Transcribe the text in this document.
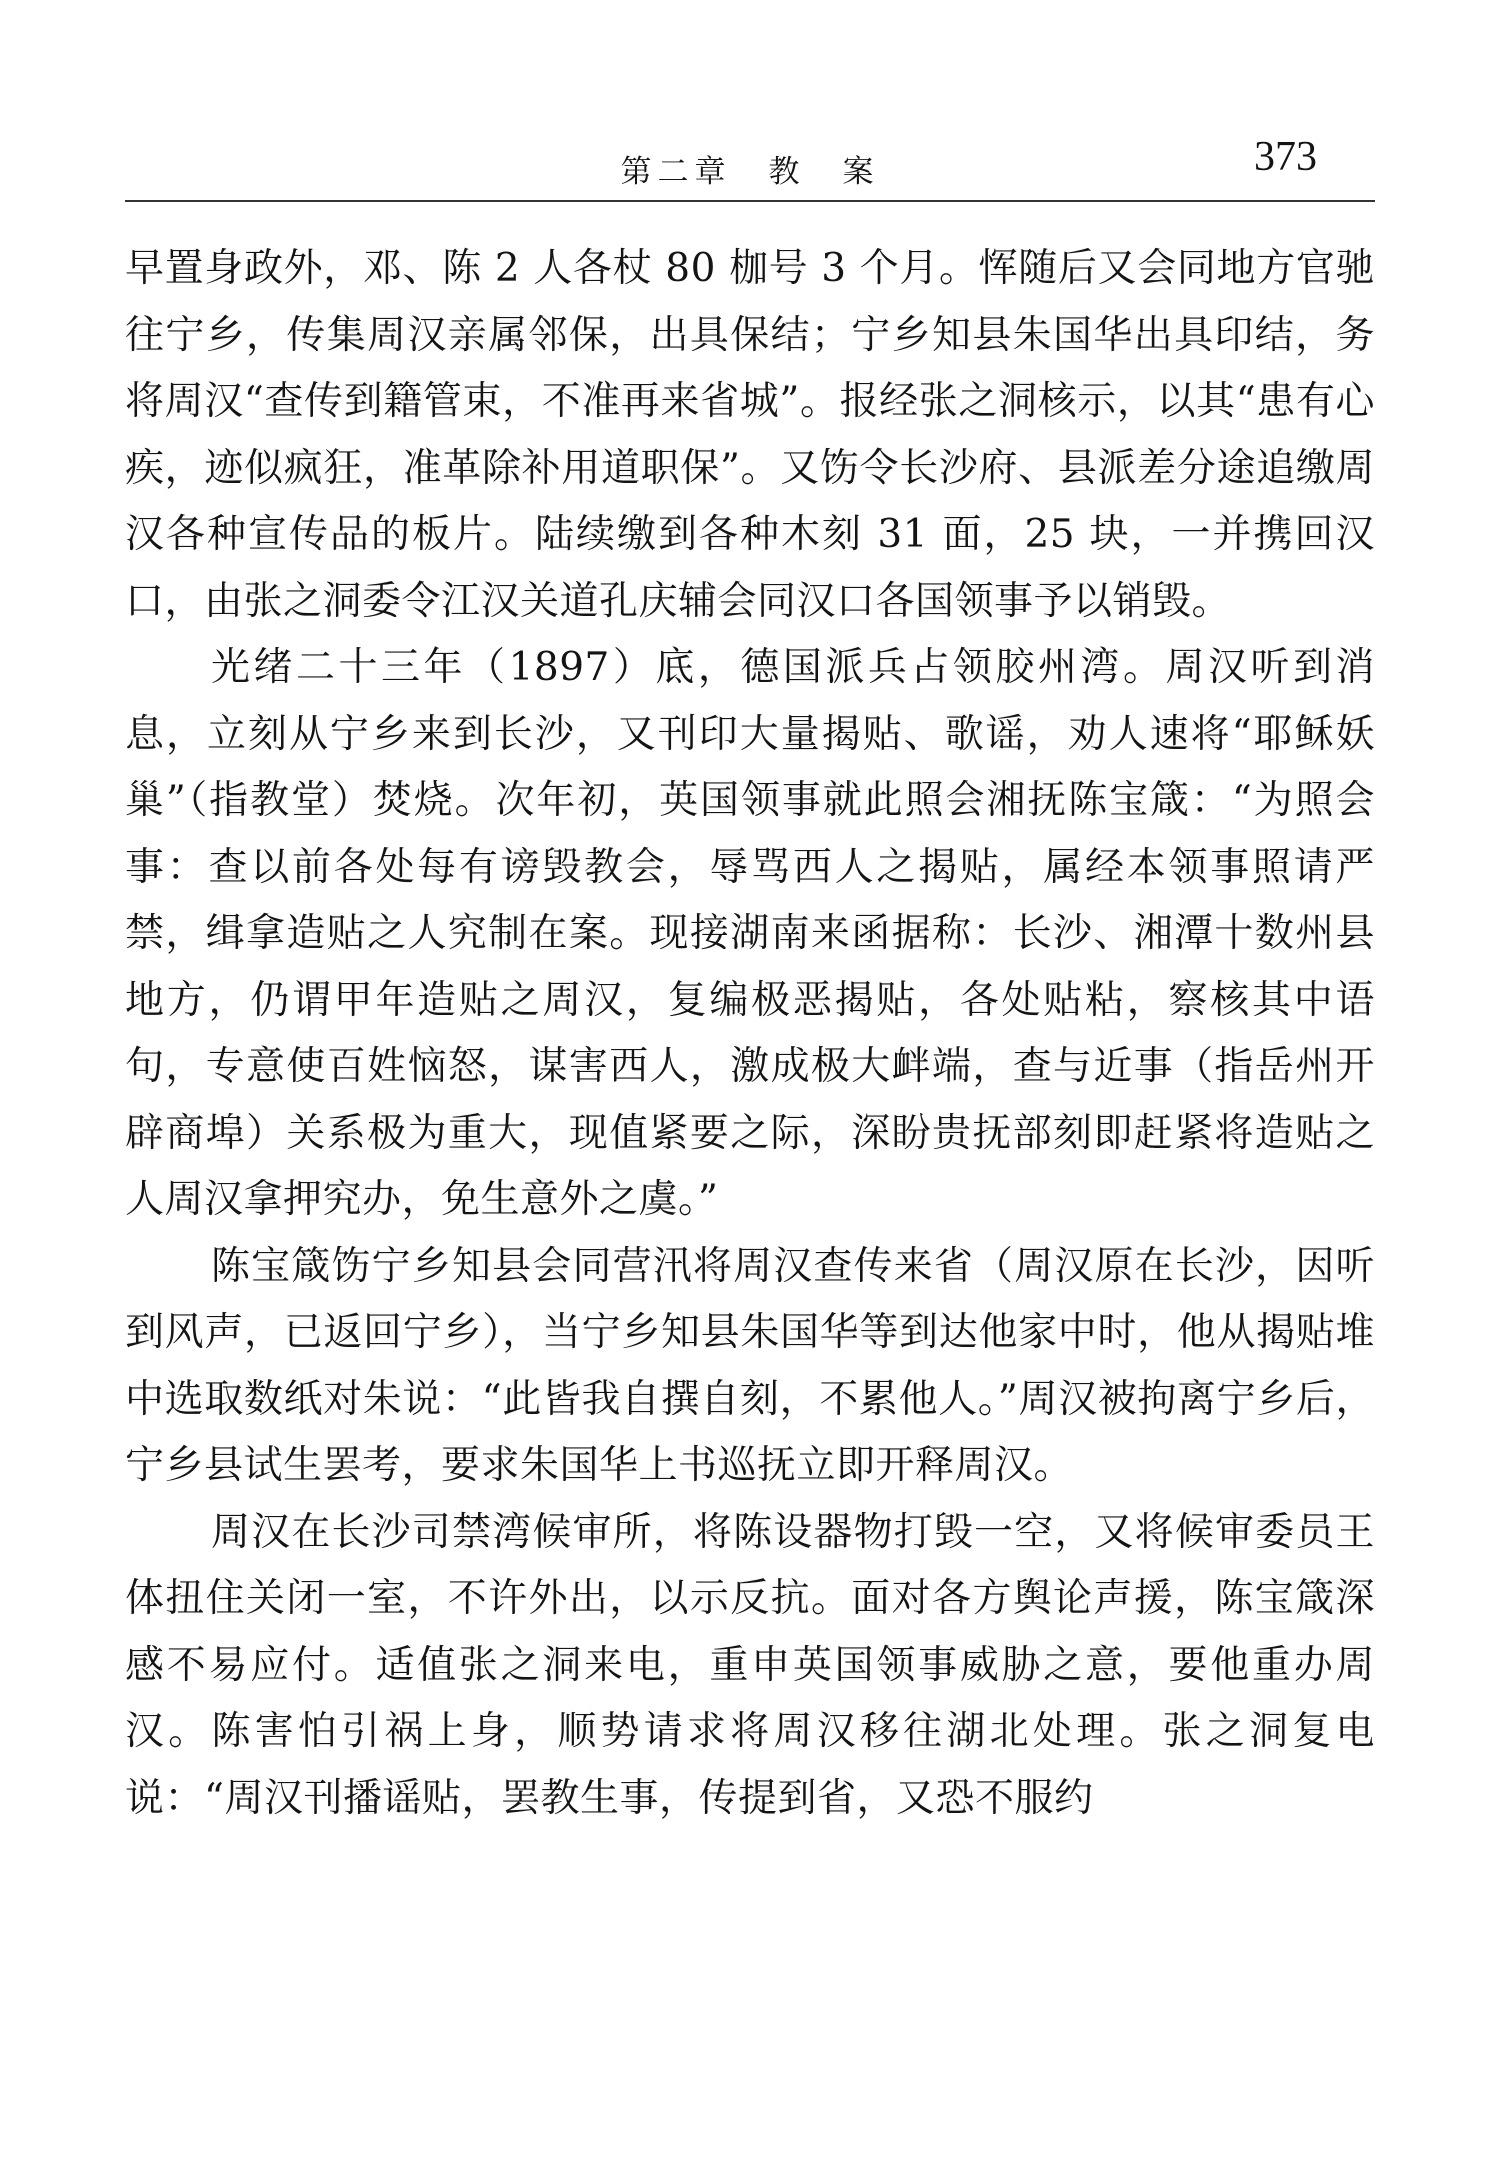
第二章　教　案	373

早置身政外，邓、陈 2 人各杖 80 枷号 3 个月。恽随后又会同地方官驰往宁乡，传集周汉亲属邻保，出具保结；宁乡知县朱国华出具印结，务将周汉“查传到籍管束，不准再来省城”。报经张之洞核示，以其“患有心疾，迹似疯狂，准革除补用道职保”。又饬令长沙府、县派差分途追缴周汉各种宣传品的板片。陆续缴到各种木刻 31 面，25 块，一并携回汉口，由张之洞委令江汉关道孔庆辅会同汉口各国领事予以销毁。

光绪二十三年（1897）底，德国派兵占领胶州湾。周汉听到消息，立刻从宁乡来到长沙，又刊印大量揭贴、歌谣，劝人速将“耶稣妖巢”（指教堂）焚烧。次年初，英国领事就此照会湘抚陈宝箴：“为照会事：查以前各处每有谤毁教会，辱骂西人之揭贴，属经本领事照请严禁，缉拿造贴之人究制在案。现接湖南来函据称：长沙、湘潭十数州县地方，仍谓甲年造贴之周汉，复编极恶揭贴，各处贴粘，察核其中语句，专意使百姓恼怒，谋害西人，激成极大衅端，查与近事（指岳州开辟商埠）关系极为重大，现值紧要之际，深盼贵抚部刻即赶紧将造贴之人周汉拿押究办，免生意外之虞。”

陈宝箴饬宁乡知县会同营汛将周汉查传来省（周汉原在长沙，因听到风声，已返回宁乡），当宁乡知县朱国华等到达他家中时，他从揭贴堆中选取数纸对朱说：“此皆我自撰自刻，不累他人。”周汉被拘离宁乡后，宁乡县试生罢考，要求朱国华上书巡抚立即开释周汉。

周汉在长沙司禁湾候审所，将陈设器物打毁一空，又将候审委员王体扭住关闭一室，不许外出，以示反抗。面对各方舆论声援，陈宝箴深感不易应付。适值张之洞来电，重申英国领事威胁之意，要他重办周汉。陈害怕引祸上身，顺势请求将周汉移往湖北处理。张之洞复电说：“周汉刊播谣贴，罢教生事，传提到省，又恐不服约
